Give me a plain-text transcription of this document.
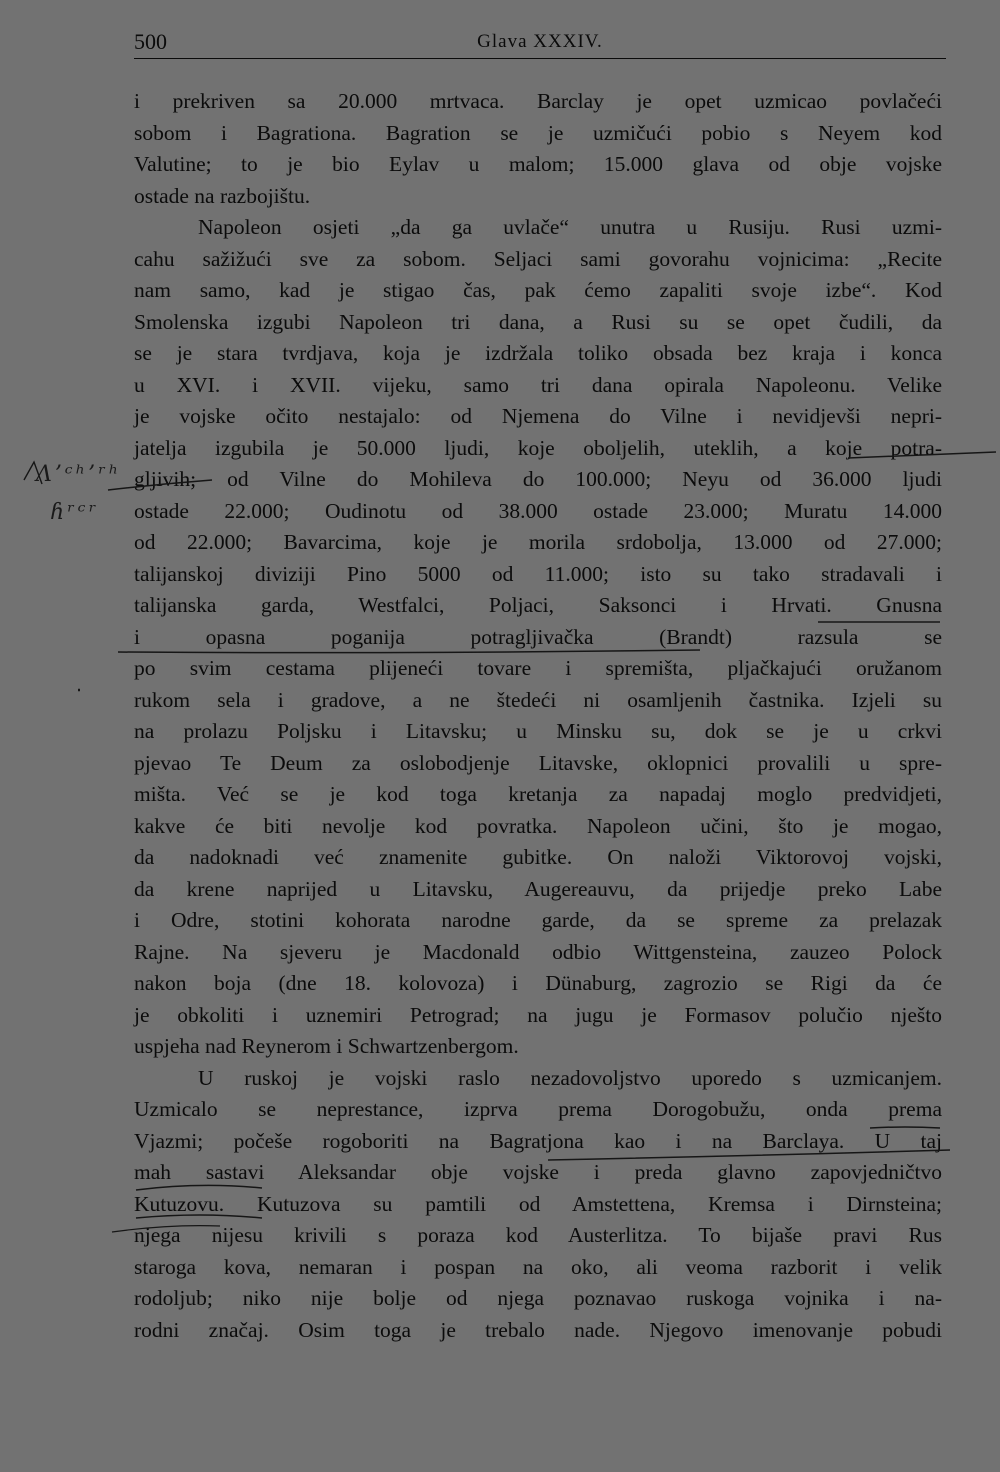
500	Glava XXXIV.
Λ’ᶜʰ’ʳʰ
ɦʳᶜʳ
i prekriven sa 20.000 mrtvaca. Barclay je opet uzmicao povlačeći
sobom i Bagrationa. Bagration se je uzmičući pobio s Neyem kod
Valutine; to je bio Eylav u malom; 15.000 glava od obje vojske
ostade na razbojištu.
Napoleon osjeti „da ga uvlače“ unutra u Rusiju. Rusi uzmi-
cahu sažižući sve za sobom. Seljaci sami govorahu vojnicima: „Recite
nam samo, kad je stigao čas, pak ćemo zapaliti svoje izbe“. Kod
Smolenska izgubi Napoleon tri dana, a Rusi su se opet čudili, da
se je stara tvrdjava, koja je izdržala toliko obsada bez kraja i konca
u XVI. i XVII. vijeku, samo tri dana opirala Napoleonu. Velike
je vojske očito nestajalo: od Njemena do Vilne i nevidjevši nepri-
jatelja izgubila je 50.000 ljudi, koje oboljelih, uteklih, a koje potra-
gljivih; od Vilne do Mohileva do 100.000; Neyu od 36.000 ljudi
ostade 22.000; Oudinotu od 38.000 ostade 23.000; Muratu 14.000
od 22.000; Bavarcima, koje je morila srdobolja, 13.000 od 27.000;
talijanskoj diviziji Pino 5000 od 11.000; isto su tako stradavali i
talijanska garda, Westfalci, Poljaci, Saksonci i Hrvati. Gnusna
i opasna poganija potragljivačka (Brandt) razsula se
po svim cestama plijeneći tovare i spremišta, pljačkajući oružanom
rukom sela i gradove, a ne štedeći ni osamljenih častnika. Izjeli su
na prolazu Poljsku i Litavsku; u Minsku su, dok se je u crkvi
pjevao Te Deum za oslobodjenje Litavske, oklopnici provalili u spre-
mišta. Već se je kod toga kretanja za napadaj moglo predvidjeti,
kakve će biti nevolje kod povratka. Napoleon učini, što je mogao,
da nadoknadi već znamenite gubitke. On naloži Viktorovoj vojski,
da krene naprijed u Litavsku, Augereauvu, da prijedje preko Labe
i Odre, stotini kohorata narodne garde, da se spreme za prelazak
Rajne. Na sjeveru je Macdonald odbio Wittgensteina, zauzeo Polock
nakon boja (dne 18. kolovoza) i Dünaburg, zagrozio se Rigi da će
je obkoliti i uznemiri Petrograd; na jugu je Formasov polučio nješto
uspjeha nad Reynerom i Schwartzenbergom.
U ruskoj je vojski raslo nezadovoljstvo uporedo s uzmicanjem.
Uzmicalo se neprestance, izprva prema Dorogobužu, onda prema
Vjazmi; počeše rogoboriti na Bagratjona kao i na Barclaya. U taj
mah sastavi Aleksandar obje vojske i preda glavno zapovjedničtvo
Kutuzovu. Kutuzova su pamtili od Amstettena, Kremsa i Dirnsteina;
njega nijesu krivili s poraza kod Austerlitza. To bijaše pravi Rus
staroga kova, nemaran i pospan na oko, ali veoma razborit i velik
rodoljub; niko nije bolje od njega poznavao ruskoga vojnika i na-
rodni značaj. Osim toga je trebalo nade. Njegovo imenovanje pobudi
